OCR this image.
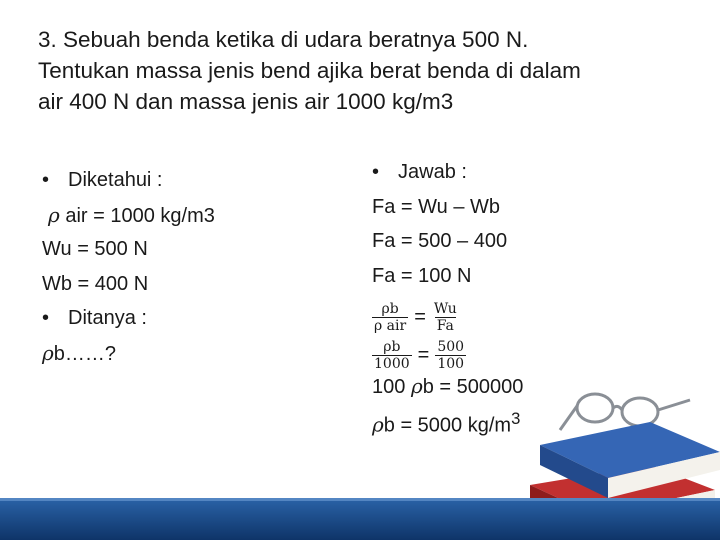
3. Sebuah benda ketika di udara beratnya 500 N.
Tentukan massa jenis bend ajika berat benda di dalam
air 400 N dan massa jenis air 1000 kg/m3
• Diketahui :
ρ air = 1000 kg/m3
Wu = 500 N
Wb = 400 N
• Ditanya :
ρb……?
• Jawab :
Fa = Wu – Wb
Fa = 500 – 400
Fa = 100 N
$\frac{\rho b}{\text{ρ air}} = \frac{Wu}{Fa}$
$\frac{\rho b}{1000} = \frac{500}{100}$
100 ρb = 500000
ρb = 5000 $kg/m^3$
